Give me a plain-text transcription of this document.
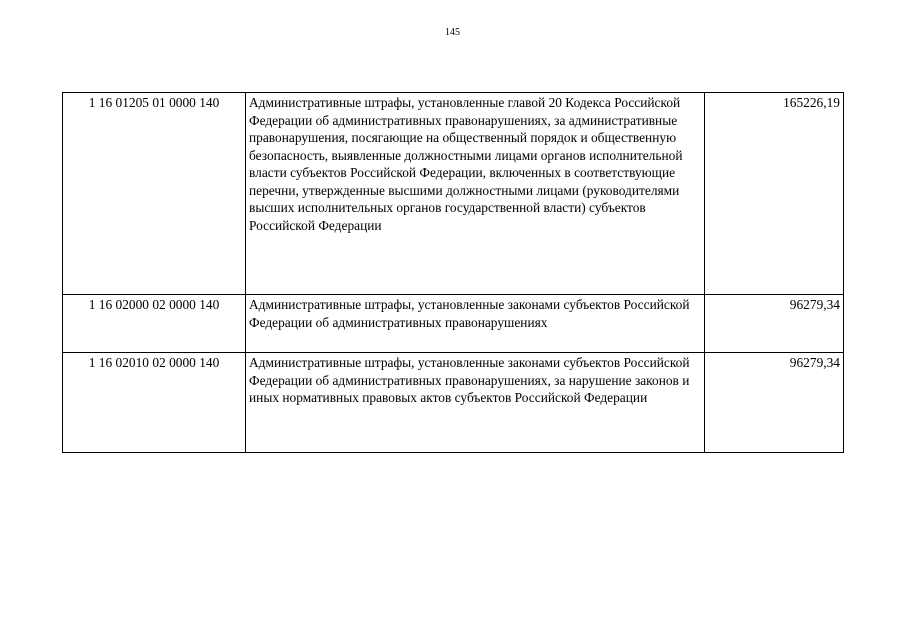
145
1 16 01205 01 0000 140	Административные штрафы, установленные главой 20 Кодекса Российской Федерации об административных правонарушениях, за административные правонарушения, посягающие на общественный порядок и общественную безопасность, выявленные должностными лицами органов исполнительной власти субъектов Российской Федерации, включенных в соответствующие перечни, утвержденные высшими должностными лицами (руководителями высших исполнительных органов государственной власти) субъектов Российской Федерации	165226,19
1 16 02000 02 0000 140	Административные штрафы, установленные законами субъектов Российской Федерации об административных правонарушениях	96279,34
1 16 02010 02 0000 140	Административные штрафы, установленные законами субъектов Российской Федерации об административных правонарушениях, за нарушение законов и иных нормативных правовых актов субъектов Российской Федерации	96279,34
